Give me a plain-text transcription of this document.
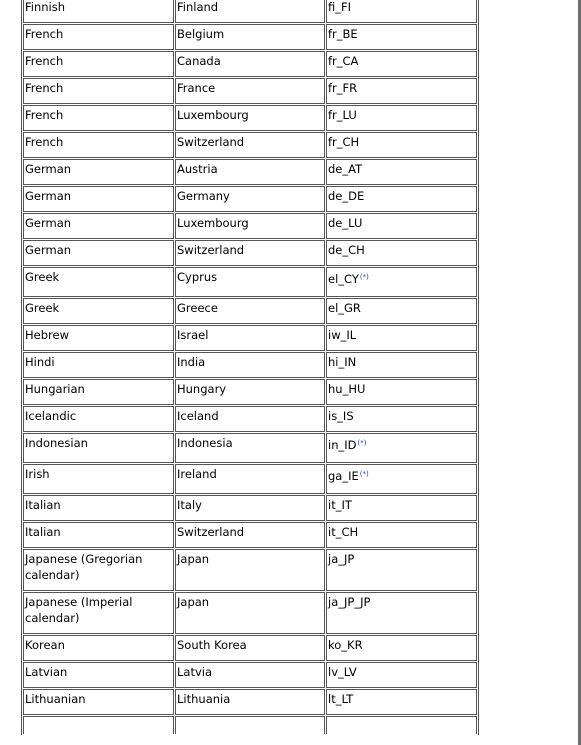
Finnish	Finland	fi_FI
French	Belgium	fr_BE
French	Canada	fr_CA
French	France	fr_FR
French	Luxembourg	fr_LU
French	Switzerland	fr_CH
German	Austria	de_AT
German	Germany	de_DE
German	Luxembourg	de_LU
German	Switzerland	de_CH
Greek	Cyprus	el_CY(*)
Greek	Greece	el_GR
Hebrew	Israel	iw_IL
Hindi	India	hi_IN
Hungarian	Hungary	hu_HU
Icelandic	Iceland	is_IS
Indonesian	Indonesia	in_ID(*)
Irish	Ireland	ga_IE(*)
Italian	Italy	it_IT
Italian	Switzerland	it_CH
Japanese (Gregorian calendar)	Japan	ja_JP
Japanese (Imperial calendar)	Japan	ja_JP_JP
Korean	South Korea	ko_KR
Latvian	Latvia	lv_LV
Lithuanian	Lithuania	lt_LT
